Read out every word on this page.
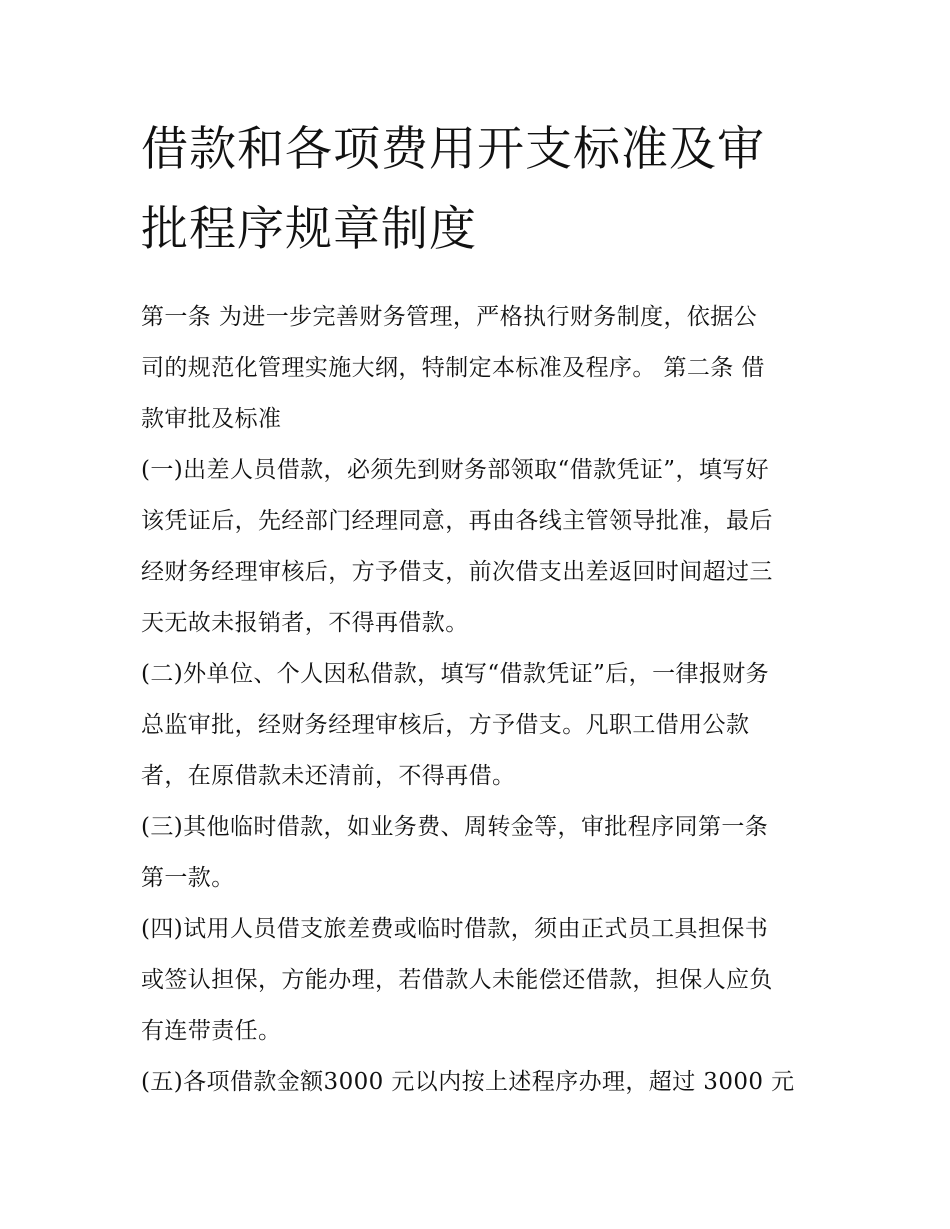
借款和各项费用开支标准及审
批程序规章制度

第一条 为进一步完善财务管理，严格执行财务制度，依据公
司的规范化管理实施大纲，特制定本标准及程序。 第二条 借
款审批及标准

(一)出差人员借款，必须先到财务部领取“借款凭证”，填写好
该凭证后，先经部门经理同意，再由各线主管领导批准，最后
经财务经理审核后，方予借支，前次借支出差返回时间超过三
天无故未报销者，不得再借款。

(二)外单位、个人因私借款，填写“借款凭证”后，一律报财务
总监审批，经财务经理审核后，方予借支。凡职工借用公款
者，在原借款未还清前，不得再借。

(三)其他临时借款，如业务费、周转金等，审批程序同第一条
第一款。

(四)试用人员借支旅差费或临时借款，须由正式员工具担保书
或签认担保，方能办理，若借款人未能偿还借款，担保人应负
有连带责任。

(五)各项借款金额3000 元以内按上述程序办理，超过 3000 元
